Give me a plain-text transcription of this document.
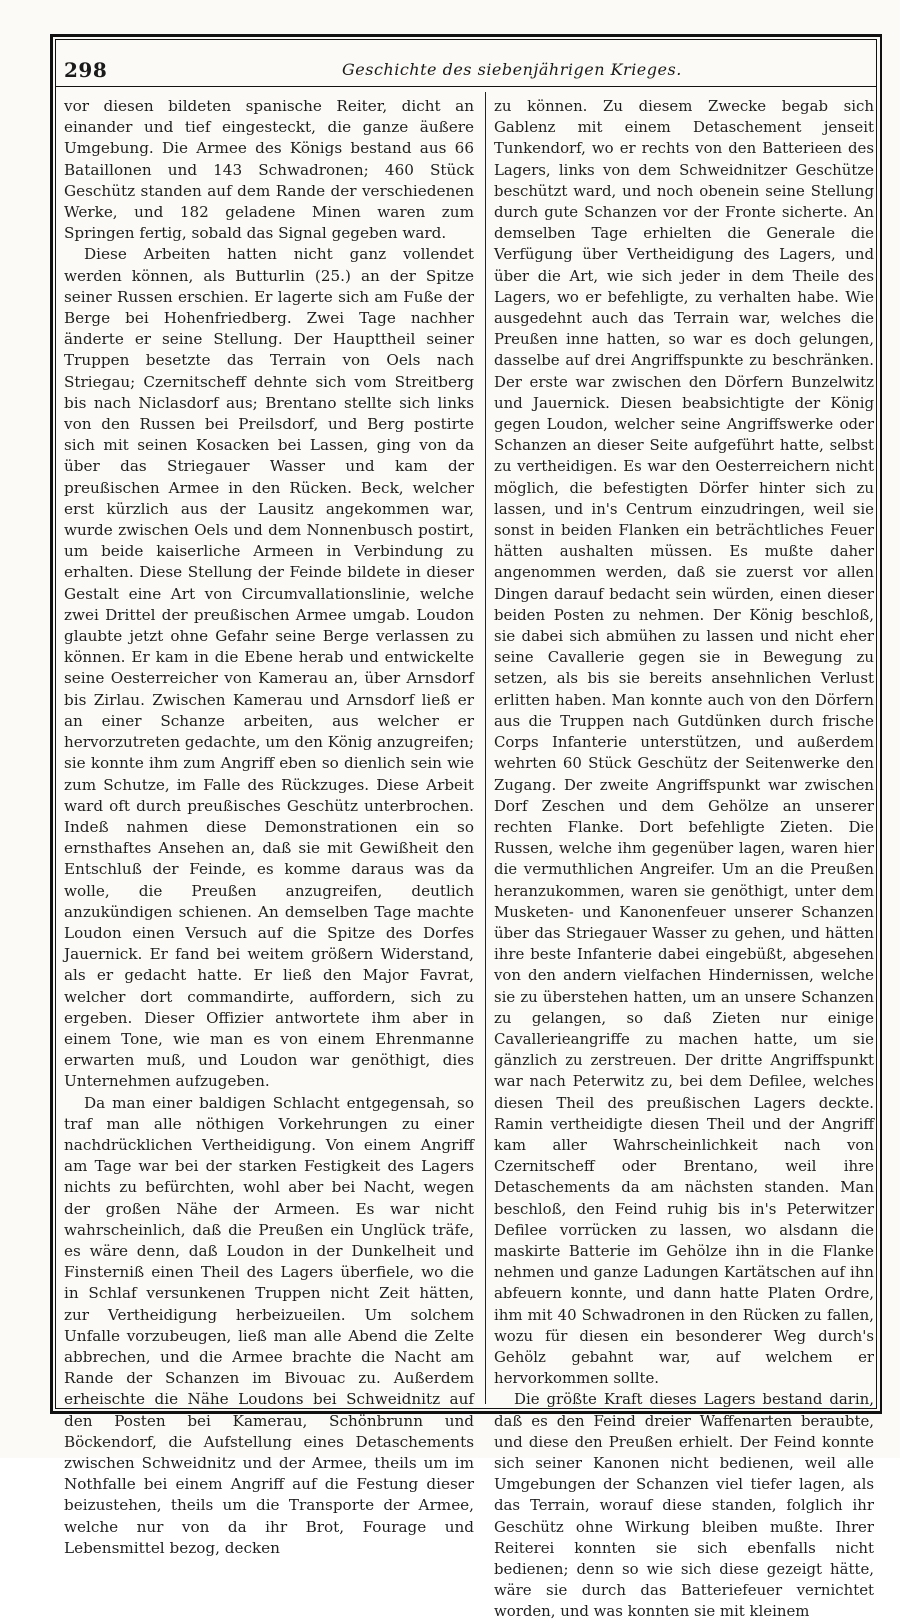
298	Geschichte des siebenjährigen Krieges.

vor diesen bildeten spanische Reiter, dicht an einander und tief eingesteckt, die ganze äußere Umgebung. Die Armee des Königs bestand aus 66 Bataillonen und 143 Schwadronen; 460 Stück Geschütz standen auf dem Rande der verschiedenen Werke, und 182 geladene Minen waren zum Springen fertig, sobald das Signal gegeben ward.

Diese Arbeiten hatten nicht ganz vollendet werden können, als Butturlin (25.) an der Spitze seiner Russen erschien. Er lagerte sich am Fuße der Berge bei Hohenfriedberg. Zwei Tage nachher änderte er seine Stellung. Der Haupttheil seiner Truppen besetzte das Terrain von Oels nach Striegau; Czernitscheff dehnte sich vom Streitberg bis nach Niclasdorf aus; Brentano stellte sich links von den Russen bei Preilsdorf, und Berg postirte sich mit seinen Kosacken bei Lassen, ging von da über das Striegauer Wasser und kam der preußischen Armee in den Rücken. Beck, welcher erst kürzlich aus der Lausitz angekommen war, wurde zwischen Oels und dem Nonnenbusch postirt, um beide kaiserliche Armeen in Verbindung zu erhalten. Diese Stellung der Feinde bildete in dieser Gestalt eine Art von Circumvallationslinie, welche zwei Drittel der preußischen Armee umgab. Loudon glaubte jetzt ohne Gefahr seine Berge verlassen zu können. Er kam in die Ebene herab und entwickelte seine Oesterreicher von Kamerau an, über Arnsdorf bis Zirlau. Zwischen Kamerau und Arnsdorf ließ er an einer Schanze arbeiten, aus welcher er hervorzutreten gedachte, um den König anzugreifen; sie konnte ihm zum Angriff eben so dienlich sein wie zum Schutze, im Falle des Rückzuges. Diese Arbeit ward oft durch preußisches Geschütz unterbrochen. Indeß nahmen diese Demonstrationen ein so ernsthaftes Ansehen an, daß sie mit Gewißheit den Entschluß der Feinde, es komme daraus was da wolle, die Preußen anzugreifen, deutlich anzukündigen schienen. An demselben Tage machte Loudon einen Versuch auf die Spitze des Dorfes Jauernick. Er fand bei weitem größern Widerstand, als er gedacht hatte. Er ließ den Major Favrat, welcher dort commandirte, auffordern, sich zu ergeben. Dieser Offizier antwortete ihm aber in einem Tone, wie man es von einem Ehrenmanne erwarten muß, und Loudon war genöthigt, dies Unternehmen aufzugeben.

Da man einer baldigen Schlacht entgegensah, so traf man alle nöthigen Vorkehrungen zu einer nachdrücklichen Vertheidigung. Von einem Angriff am Tage war bei der starken Festigkeit des Lagers nichts zu befürchten, wohl aber bei Nacht, wegen der großen Nähe der Armeen. Es war nicht wahrscheinlich, daß die Preußen ein Unglück träfe, es wäre denn, daß Loudon in der Dunkelheit und Finsterniß einen Theil des Lagers überfiele, wo die in Schlaf versunkenen Truppen nicht Zeit hätten, zur Vertheidigung herbeizueilen. Um solchem Unfalle vorzubeugen, ließ man alle Abend die Zelte abbrechen, und die Armee brachte die Nacht am Rande der Schanzen im Bivouac zu. Außerdem erheischte die Nähe Loudons bei Schweidnitz auf den Posten bei Kamerau, Schönbrunn und Böckendorf, die Aufstellung eines Detaschements zwischen Schweidnitz und der Armee, theils um im Nothfalle bei einem Angriff auf die Festung dieser beizustehen, theils um die Transporte der Armee, welche nur von da ihr Brot, Fourage und Lebensmittel bezog, decken

zu können. Zu diesem Zwecke begab sich Gablenz mit einem Detaschement jenseit Tunkendorf, wo er rechts von den Batterieen des Lagers, links von dem Schweidnitzer Geschütze beschützt ward, und noch obenein seine Stellung durch gute Schanzen vor der Fronte sicherte. An demselben Tage erhielten die Generale die Verfügung über Vertheidigung des Lagers, und über die Art, wie sich jeder in dem Theile des Lagers, wo er befehligte, zu verhalten habe. Wie ausgedehnt auch das Terrain war, welches die Preußen inne hatten, so war es doch gelungen, dasselbe auf drei Angriffspunkte zu beschränken. Der erste war zwischen den Dörfern Bunzelwitz und Jauernick. Diesen beabsichtigte der König gegen Loudon, welcher seine Angriffswerke oder Schanzen an dieser Seite aufgeführt hatte, selbst zu vertheidigen. Es war den Oesterreichern nicht möglich, die befestigten Dörfer hinter sich zu lassen, und in's Centrum einzudringen, weil sie sonst in beiden Flanken ein beträchtliches Feuer hätten aushalten müssen. Es mußte daher angenommen werden, daß sie zuerst vor allen Dingen darauf bedacht sein würden, einen dieser beiden Posten zu nehmen. Der König beschloß, sie dabei sich abmühen zu lassen und nicht eher seine Cavallerie gegen sie in Bewegung zu setzen, als bis sie bereits ansehnlichen Verlust erlitten haben. Man konnte auch von den Dörfern aus die Truppen nach Gutdünken durch frische Corps Infanterie unterstützen, und außerdem wehrten 60 Stück Geschütz der Seitenwerke den Zugang. Der zweite Angriffspunkt war zwischen Dorf Zeschen und dem Gehölze an unserer rechten Flanke. Dort befehligte Zieten. Die Russen, welche ihm gegenüber lagen, waren hier die vermuthlichen Angreifer. Um an die Preußen heranzukommen, waren sie genöthigt, unter dem Musketen- und Kanonenfeuer unserer Schanzen über das Striegauer Wasser zu gehen, und hätten ihre beste Infanterie dabei eingebüßt, abgesehen von den andern vielfachen Hindernissen, welche sie zu überstehen hatten, um an unsere Schanzen zu gelangen, so daß Zieten nur einige Cavallerieangriffe zu machen hatte, um sie gänzlich zu zerstreuen. Der dritte Angriffspunkt war nach Peterwitz zu, bei dem Defilee, welches diesen Theil des preußischen Lagers deckte. Ramin vertheidigte diesen Theil und der Angriff kam aller Wahrscheinlichkeit nach von Czernitscheff oder Brentano, weil ihre Detaschements da am nächsten standen. Man beschloß, den Feind ruhig bis in's Peterwitzer Defilee vorrücken zu lassen, wo alsdann die maskirte Batterie im Gehölze ihn in die Flanke nehmen und ganze Ladungen Kartätschen auf ihn abfeuern konnte, und dann hatte Platen Ordre, ihm mit 40 Schwadronen in den Rücken zu fallen, wozu für diesen ein besonderer Weg durch's Gehölz gebahnt war, auf welchem er hervorkommen sollte.

Die größte Kraft dieses Lagers bestand darin, daß es den Feind dreier Waffenarten beraubte, und diese den Preußen erhielt. Der Feind konnte sich seiner Kanonen nicht bedienen, weil alle Umgebungen der Schanzen viel tiefer lagen, als das Terrain, worauf diese standen, folglich ihr Geschütz ohne Wirkung bleiben mußte. Ihrer Reiterei konnten sie sich ebenfalls nicht bedienen; denn so wie sich diese gezeigt hätte, wäre sie durch das Batteriefeuer vernichtet worden, und was konnten sie mit kleinem
